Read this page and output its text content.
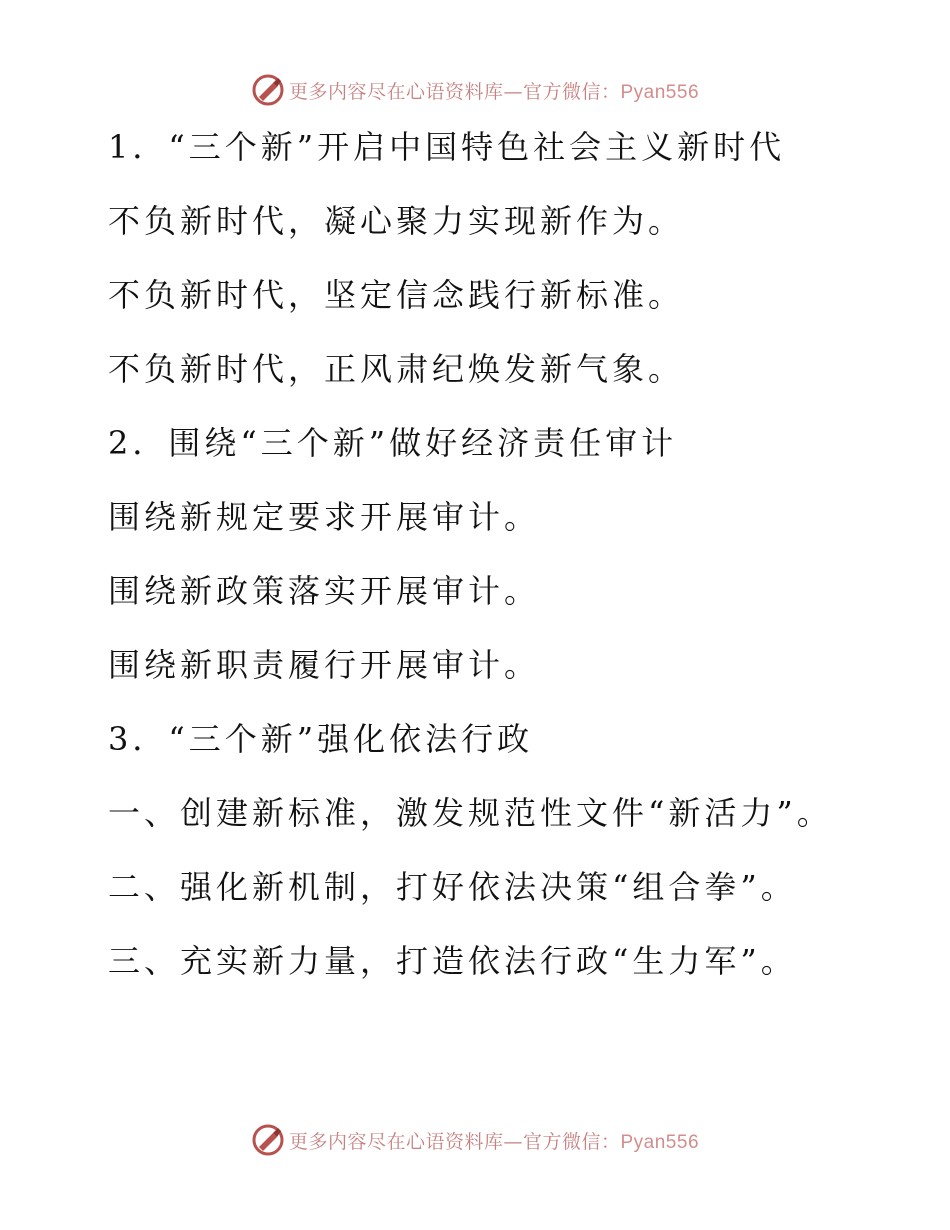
更多内容尽在心语资料库—官方微信：Pyan556
1．“三个新”开启中国特色社会主义新时代
不负新时代，凝心聚力实现新作为。
不负新时代，坚定信念践行新标准。
不负新时代，正风肃纪焕发新气象。
2．围绕“三个新”做好经济责任审计
围绕新规定要求开展审计。
围绕新政策落实开展审计。
围绕新职责履行开展审计。
3．“三个新”强化依法行政
一、创建新标准，激发规范性文件“新活力”。
二、强化新机制，打好依法决策“组合拳”。
三、充实新力量，打造依法行政“生力军”。
更多内容尽在心语资料库—官方微信：Pyan556
